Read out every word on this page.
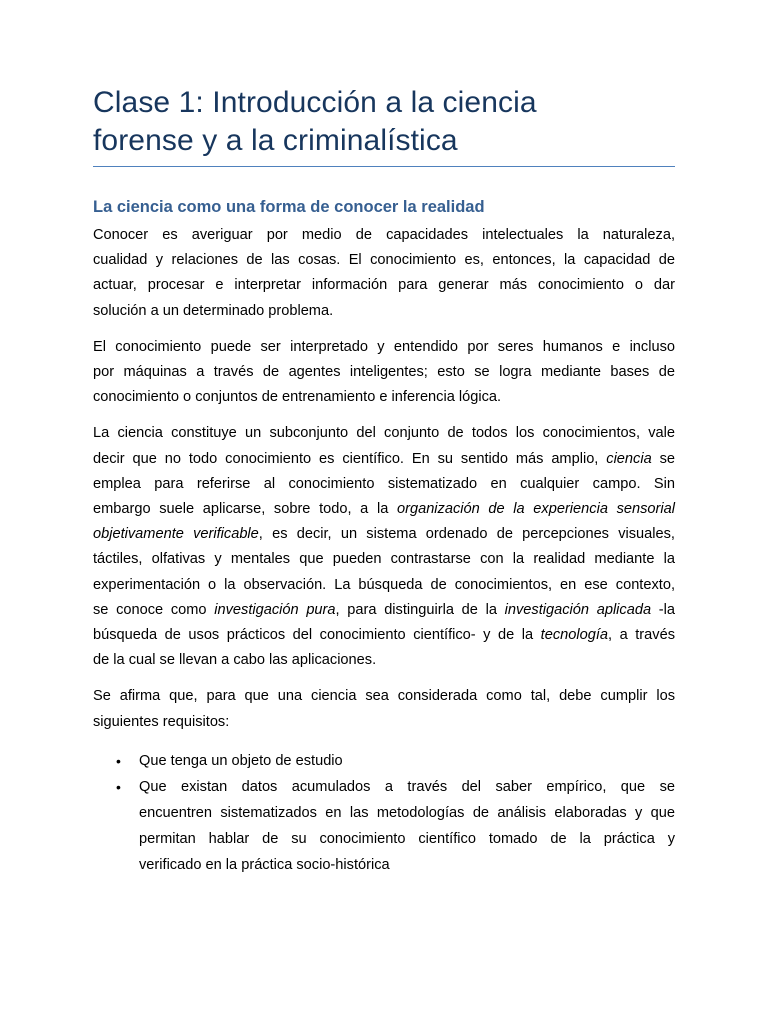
Clase 1: Introducción a la ciencia
forense y a la criminalística
La ciencia como una forma de conocer la realidad

Conocer es averiguar por medio de capacidades intelectuales la naturaleza,
cualidad y relaciones de las cosas. El conocimiento es, entonces, la capacidad de
actuar, procesar e interpretar información para generar más conocimiento o dar
solución a un determinado problema.

El conocimiento puede ser interpretado y entendido por seres humanos e incluso
por máquinas a través de agentes inteligentes; esto se logra mediante bases de
conocimiento o conjuntos de entrenamiento e inferencia lógica.

La ciencia constituye un subconjunto del conjunto de todos los conocimientos, vale
decir que no todo conocimiento es científico. En su sentido más amplio, ciencia se
emplea para referirse al conocimiento sistematizado en cualquier campo. Sin
embargo suele aplicarse, sobre todo, a la organización de la experiencia sensorial
objetivamente verificable, es decir, un sistema ordenado de percepciones visuales,
táctiles, olfativas y mentales que pueden contrastarse con la realidad mediante la
experimentación o la observación. La búsqueda de conocimientos, en ese contexto,
se conoce como investigación pura, para distinguirla de la investigación aplicada -la
búsqueda de usos prácticos del conocimiento científico- y de la tecnología, a través
de la cual se llevan a cabo las aplicaciones.

Se afirma que, para que una ciencia sea considerada como tal, debe cumplir los
siguientes requisitos:

• Que tenga un objeto de estudio
• Que existan datos acumulados a través del saber empírico, que se
encuentren sistematizados en las metodologías de análisis elaboradas y que
permitan hablar de su conocimiento científico tomado de la práctica y
verificado en la práctica socio-histórica
